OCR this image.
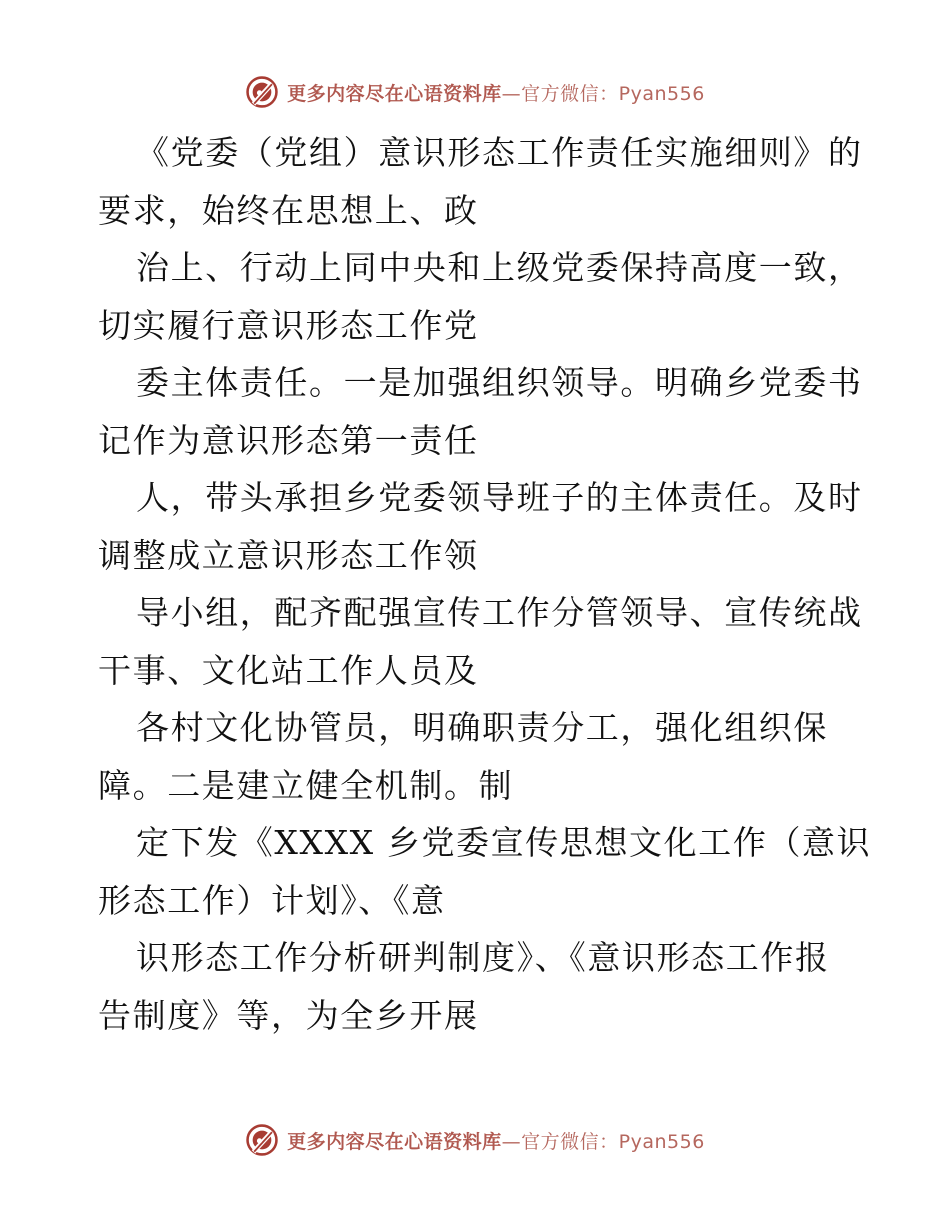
更多内容尽在心语资料库—官方微信：Pyan556
《党委（党组）意识形态工作责任实施细则》的
要求，始终在思想上、政
治上、行动上同中央和上级党委保持高度一致，
切实履行意识形态工作党
委主体责任。一是加强组织领导。明确乡党委书
记作为意识形态第一责任
人，带头承担乡党委领导班子的主体责任。及时
调整成立意识形态工作领
导小组，配齐配强宣传工作分管领导、宣传统战
干事、文化站工作人员及
各村文化协管员，明确职责分工，强化组织保
障。二是建立健全机制。制
定下发《XXXX 乡党委宣传思想文化工作（意识
形态工作）计划》、《意
识形态工作分析研判制度》、《意识形态工作报
告制度》等，为全乡开展
更多内容尽在心语资料库—官方微信：Pyan556
